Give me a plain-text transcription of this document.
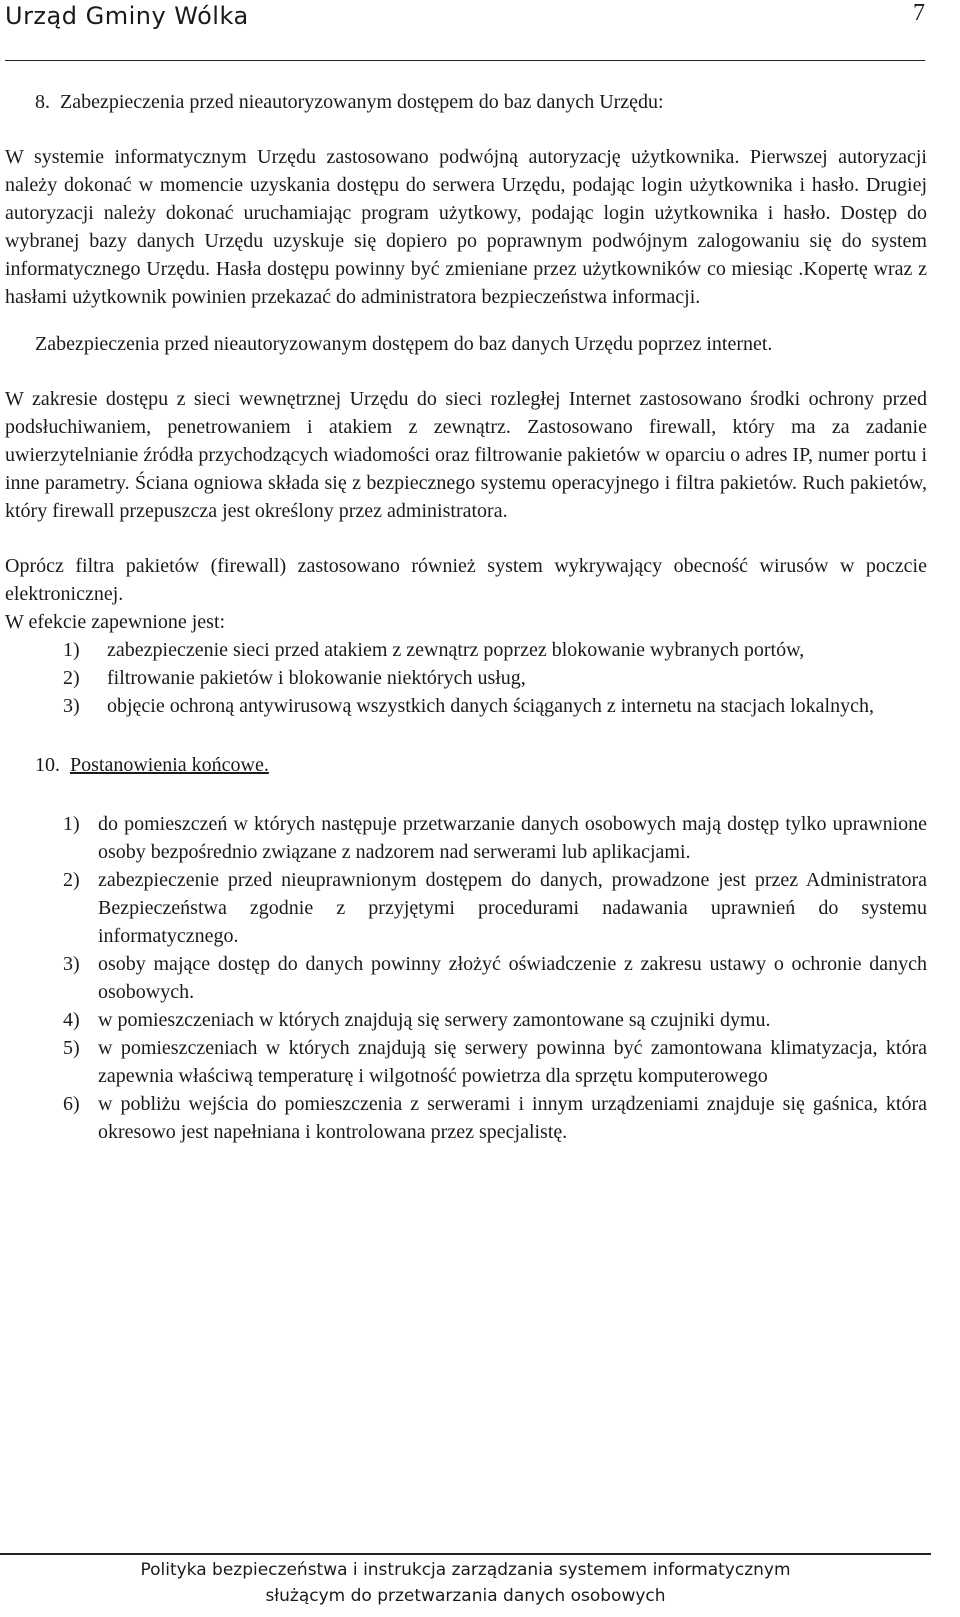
Urząd Gminy Wólka	7

8. Zabezpieczenia przed nieautoryzowanym dostępem do baz danych Urzędu:

W systemie informatycznym Urzędu zastosowano podwójną autoryzację użytkownika. Pierwszej autoryzacji należy dokonać w momencie uzyskania dostępu do serwera Urzędu, podając login użytkownika i hasło. Drugiej autoryzacji należy dokonać uruchamiając program użytkowy, podając login użytkownika i hasło. Dostęp do wybranej bazy danych Urzędu uzyskuje się dopiero po poprawnym podwójnym zalogowaniu się do system informatycznego Urzędu. Hasła dostępu powinny być zmieniane przez użytkowników co miesiąc .Kopertę wraz z hasłami użytkownik powinien przekazać do administratora bezpieczeństwa informacji.

Zabezpieczenia przed nieautoryzowanym dostępem do baz danych Urzędu poprzez internet.

W zakresie dostępu z sieci wewnętrznej Urzędu do sieci rozległej Internet zastosowano środki ochrony przed podsłuchiwaniem, penetrowaniem i atakiem z zewnątrz. Zastosowano firewall, który ma za zadanie uwierzytelnianie źródła przychodzących wiadomości oraz filtrowanie pakietów w oparciu o adres IP, numer portu i inne parametry. Ściana ogniowa składa się z bezpiecznego systemu operacyjnego i filtra pakietów. Ruch pakietów, który firewall przepuszcza jest określony przez administratora.

Oprócz filtra pakietów (firewall) zastosowano również system wykrywający obecność wirusów w poczcie elektronicznej.

W efekcie zapewnione jest:

1) zabezpieczenie sieci przed atakiem z zewnątrz poprzez blokowanie wybranych portów,
2) filtrowanie pakietów i blokowanie niektórych usług,
3) objęcie ochroną antywirusową wszystkich danych ściąganych z internetu na stacjach lokalnych,

10. Postanowienia końcowe.

1) do pomieszczeń w których następuje przetwarzanie danych osobowych mają dostęp tylko uprawnione osoby bezpośrednio związane z nadzorem nad serwerami lub aplikacjami.
2) zabezpieczenie przed nieuprawnionym dostępem do danych, prowadzone jest przez Administratora Bezpieczeństwa zgodnie z przyjętymi procedurami nadawania uprawnień do systemu informatycznego.
3) osoby mające dostęp do danych powinny złożyć oświadczenie z zakresu ustawy o ochronie danych osobowych.
4) w pomieszczeniach w których znajdują się serwery zamontowane są czujniki dymu.
5) w pomieszczeniach w których znajdują się serwery powinna być zamontowana klimatyzacja, która zapewnia właściwą temperaturę i wilgotność powietrza dla sprzętu komputerowego
6) w pobliżu wejścia do pomieszczenia z serwerami i innym urządzeniami znajduje się gaśnica, która okresowo jest napełniana i kontrolowana przez specjalistę.
Polityka bezpieczeństwa i instrukcja zarządzania systemem informatycznym
służącym do przetwarzania danych osobowych
